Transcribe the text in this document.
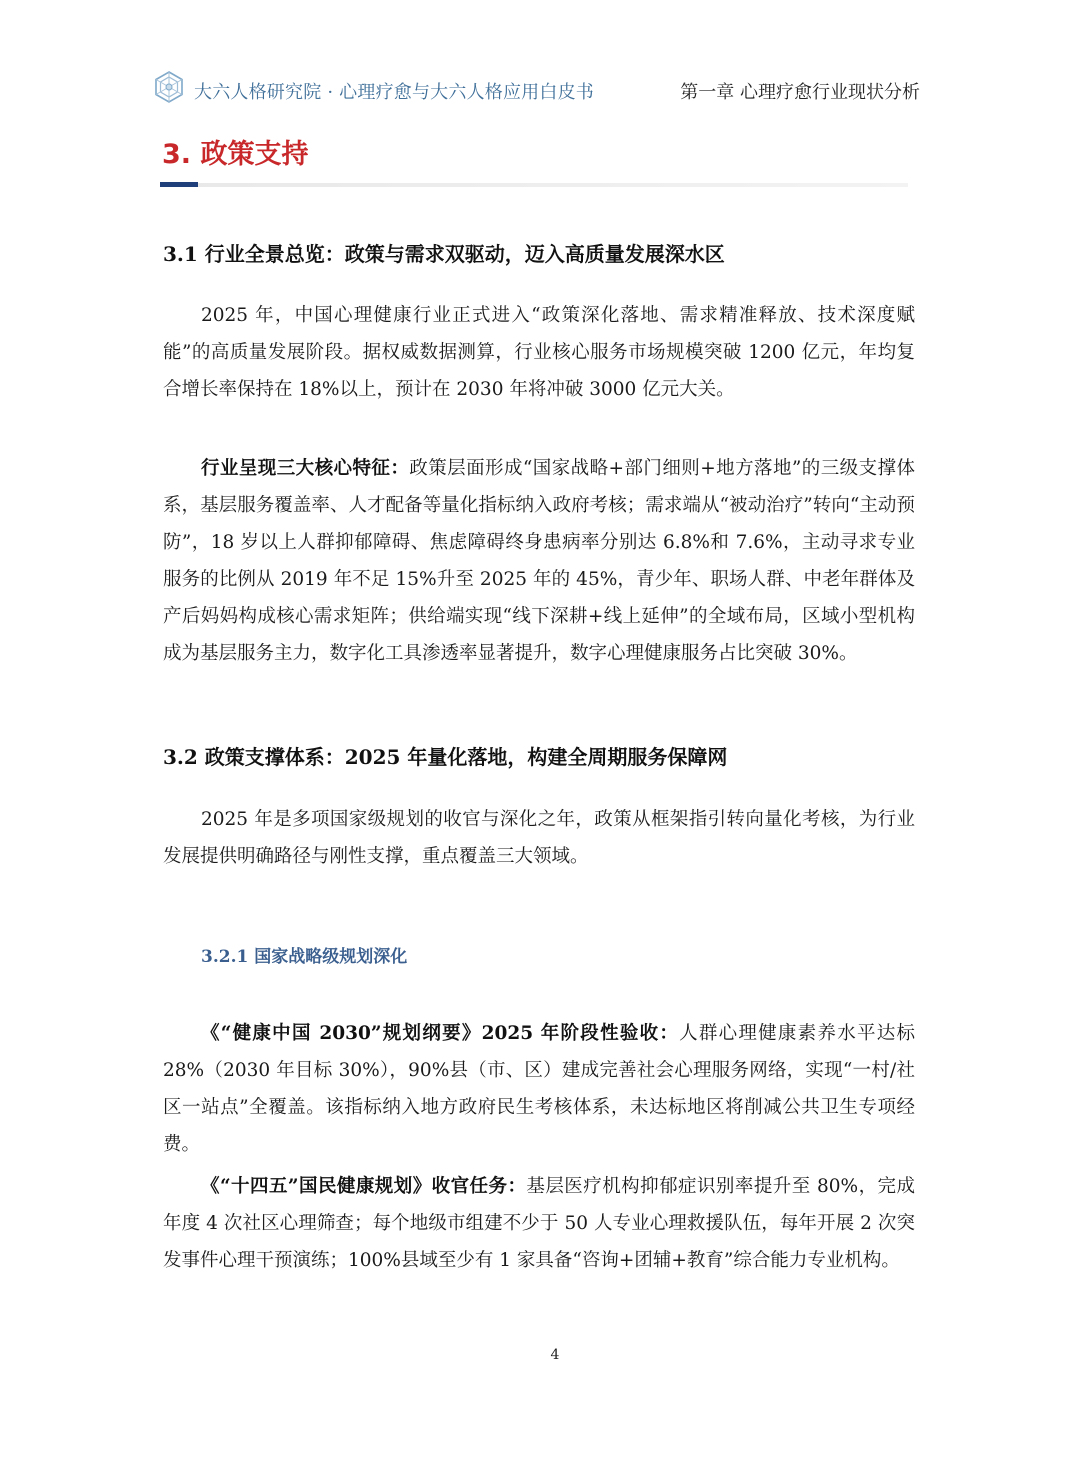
大六人格研究院 · 心理疗愈与大六人格应用白皮书	第一章 心理疗愈行业现状分析
3. 政策支持
3.1 行业全景总览：政策与需求双驱动，迈入高质量发展深水区

2025 年，中国心理健康行业正式进入“政策深化落地、需求精准释放、技术深度赋能”的高质量发展阶段。据权威数据测算，行业核心服务市场规模突破 1200 亿元，年均复合增长率保持在 18%以上，预计在 2030 年将冲破 3000 亿元大关。

行业呈现三大核心特征：政策层面形成“国家战略+部门细则+地方落地”的三级支撑体系，基层服务覆盖率、人才配备等量化指标纳入政府考核；需求端从“被动治疗”转向“主动预防”，18 岁以上人群抑郁障碍、焦虑障碍终身患病率分别达 6.8%和 7.6%，主动寻求专业服务的比例从 2019 年不足 15%升至 2025 年的 45%，青少年、职场人群、中老年群体及产后妈妈构成核心需求矩阵；供给端实现“线下深耕+线上延伸”的全域布局，区域小型机构成为基层服务主力，数字化工具渗透率显著提升，数字心理健康服务占比突破 30%。

3.2 政策支撑体系：2025 年量化落地，构建全周期服务保障网

2025 年是多项国家级规划的收官与深化之年，政策从框架指引转向量化考核，为行业发展提供明确路径与刚性支撑，重点覆盖三大领域。

3.2.1 国家战略级规划深化

《“健康中国 2030”规划纲要》2025 年阶段性验收：人群心理健康素养水平达标 28%（2030 年目标 30%），90%县（市、区）建成完善社会心理服务网络，实现“一村/社区一站点”全覆盖。该指标纳入地方政府民生考核体系，未达标地区将削减公共卫生专项经费。

《“十四五”国民健康规划》收官任务：基层医疗机构抑郁症识别率提升至 80%，完成年度 4 次社区心理筛查；每个地级市组建不少于 50 人专业心理救援队伍，每年开展 2 次突发事件心理干预演练；100%县域至少有 1 家具备“咨询+团辅+教育”综合能力专业机构。

4
